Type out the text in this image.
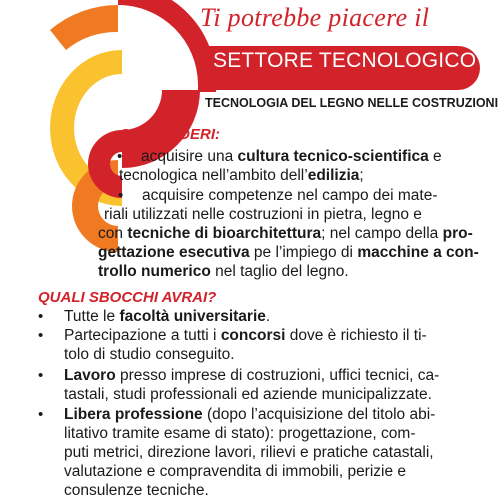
Ti potrebbe piacere il
SETTORE TECNOLOGICO
TECNOLOGIA DEL LEGNO NELLE COSTRUZIONI
SE DESIDERI:
• acquisire una cultura tecnico-scientifica e
tecnologica nell’ambito dell’edilizia;
• acquisire competenze nel campo dei mate-
riali utilizzati nelle costruzioni in pietra, legno e
con tecniche di bioarchitettura; nel campo della pro-
gettazione esecutiva pe l’impiego di macchine a con-
trollo numerico nel taglio del legno.
QUALI SBOCCHI AVRAI?
• Tutte le facoltà universitarie.
•	Partecipazione a tutti i concorsi dove è richiesto il ti-
tolo di studio conseguito.
•	Lavoro presso imprese di costruzioni, uffici tecnici, ca-
tastali, studi professionali ed aziende municipalizzate.
•	Libera professione (dopo l’acquisizione del titolo abi-
litativo tramite esame di stato): progettazione, com-
puti metrici, direzione lavori, rilievi e pratiche catastali,
valutazione e compravendita di immobili, perizie e
consulenze tecniche.
